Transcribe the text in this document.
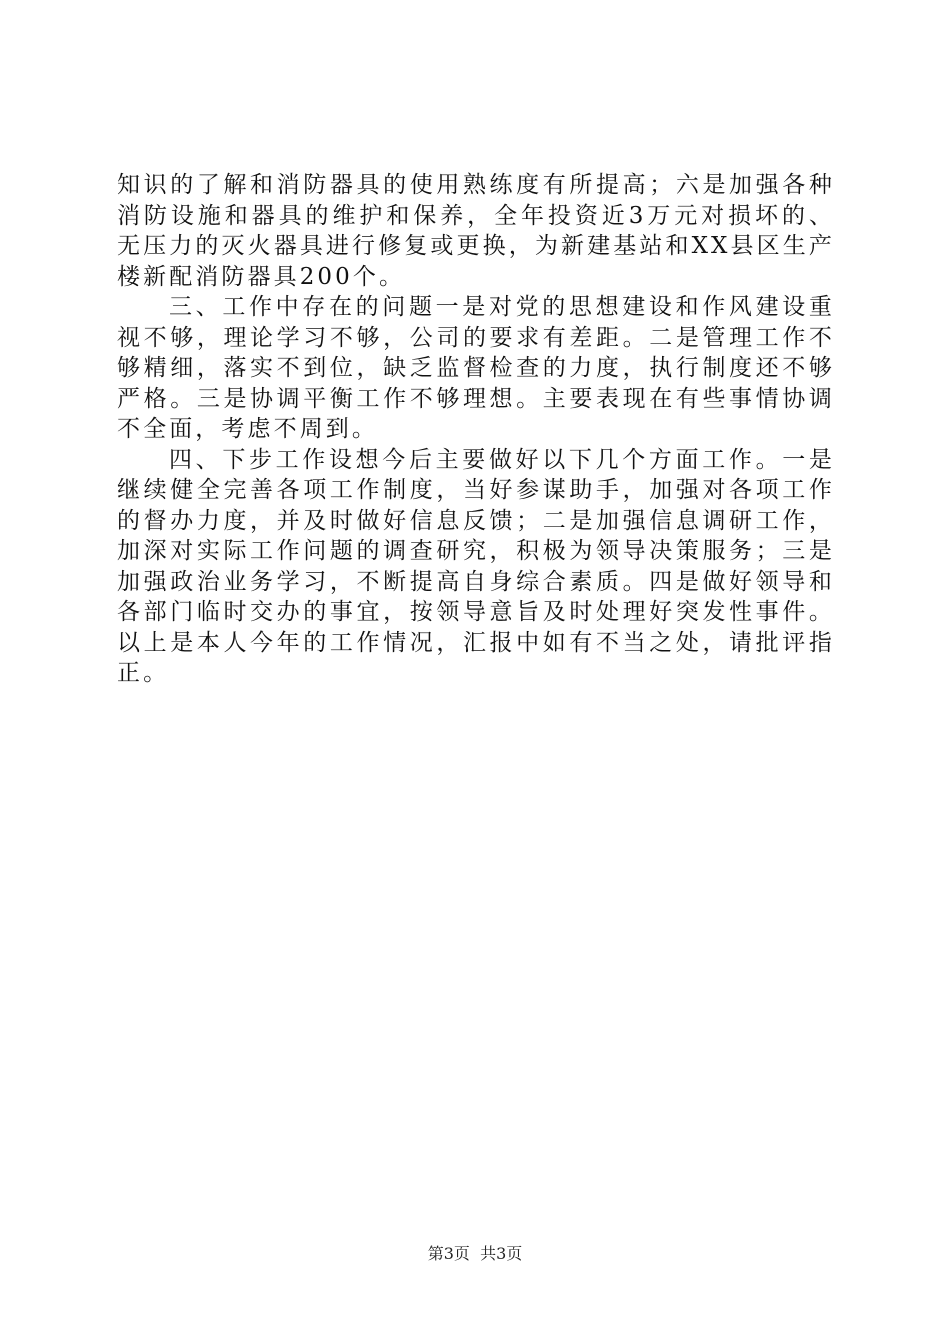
知识的了解和消防器具的使用熟练度有所提高；六是加强各种消防设施和器具的维护和保养，全年投资近3万元对损坏的、无压力的灭火器具进行修复或更换，为新建基站和XX县区生产楼新配消防器具200个。

三、工作中存在的问题一是对党的思想建设和作风建设重视不够，理论学习不够，公司的要求有差距。二是管理工作不够精细，落实不到位，缺乏监督检查的力度，执行制度还不够严格。三是协调平衡工作不够理想。主要表现在有些事情协调不全面，考虑不周到。

四、下步工作设想今后主要做好以下几个方面工作。一是继续健全完善各项工作制度，当好参谋助手，加强对各项工作的督办力度，并及时做好信息反馈；二是加强信息调研工作，加深对实际工作问题的调查研究，积极为领导决策服务；三是加强政治业务学习，不断提高自身综合素质。四是做好领导和各部门临时交办的事宜，按领导意旨及时处理好突发性事件。以上是本人今年的工作情况，汇报中如有不当之处，请批评指正。

第3页  共3页
